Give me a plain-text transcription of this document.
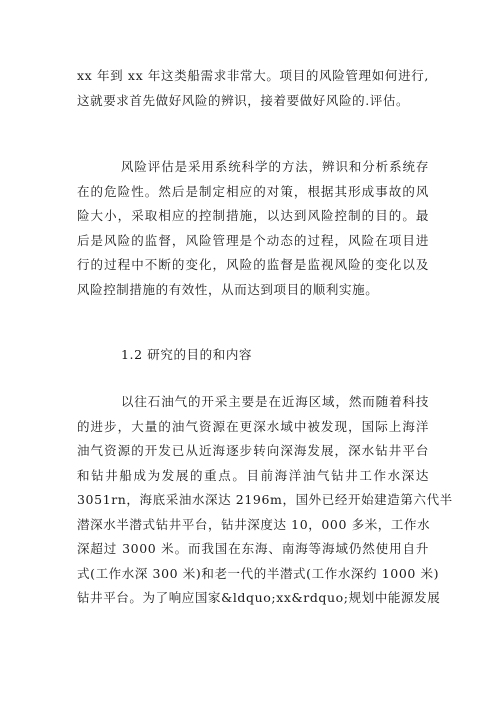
xx 年到 xx 年这类船需求非常大。项目的风险管理如何进行,
这就要求首先做好风险的辨识，接着要做好风险的.评估。
风险评估是采用系统科学的方法，辨识和分析系统存
在的危险性。然后是制定相应的对策，根据其形成事故的风
险大小，采取相应的控制措施，以达到风险控制的目的。最
后是风险的监督，风险管理是个动态的过程，风险在项目进
行的过程中不断的变化，风险的监督是监视风险的变化以及
风险控制措施的有效性，从而达到项目的顺利实施。

1.2 研究的目的和内容

以往石油气的开采主要是在近海区域，然而随着科技
的进步，大量的油气资源在更深水域中被发现，国际上海洋
油气资源的开发已从近海逐步转向深海发展，深水钻井平台
和钻井船成为发展的重点。目前海洋油气钻井工作水深达
3051rn，海底采油水深达 2196m，国外已经开始建造第六代半
潜深水半潜式钻井平台，钻井深度达 10，000 多米，工作水
深超过 3000 米。而我国在东海、南海等海域仍然使用自升
式(工作水深 300 米)和老一代的半潜式(工作水深约 1000 米)
钻井平台。为了响应国家&ldquo;xx&rdquo;规划中能源发展
